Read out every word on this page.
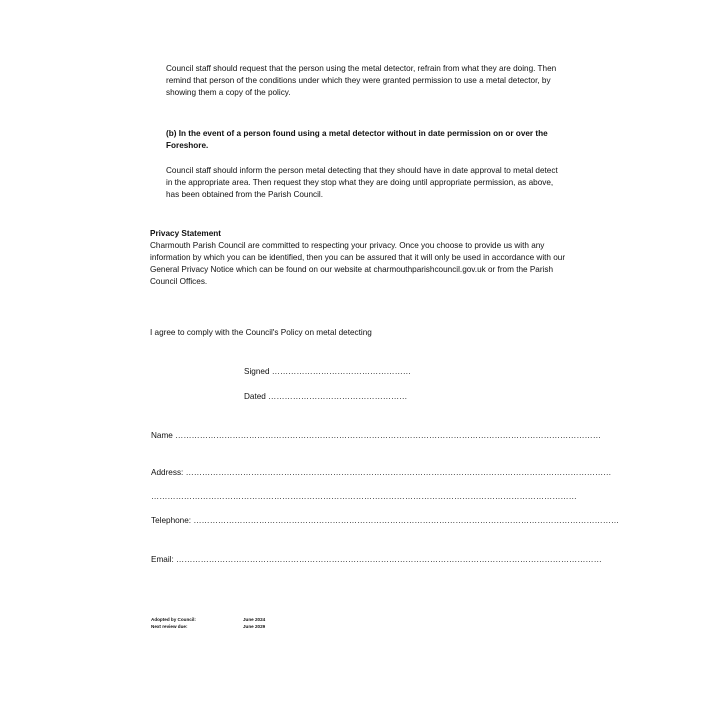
Council staff should request that the person using the metal detector, refrain from what they are doing. Then remind that person of the conditions under which they were granted permission to use a metal detector, by showing them a copy of the policy.
(b) In the event of a person found using a metal detector without in date permission on or over the Foreshore.
Council staff should inform the person metal detecting that they should have in date approval to metal detect in the appropriate area. Then request they stop what they are doing until appropriate permission, as above, has been obtained from the Parish Council.
Privacy Statement
Charmouth Parish Council are committed to respecting your privacy. Once you choose to provide us with any information by which you can be identified, then you can be assured that it will only be used in accordance with our General Privacy Notice which can be found on our website at charmouthparishcouncil.gov.uk or from the Parish Council Offices.
I agree to comply with the Council's Policy on metal detecting
Signed ……………………………………………
Dated ……………………………………………
Name …………………………………………………………………………………………………………………………………………
Address: …………………………………………………………………………………………………………………………………………
…………………………………………………………………………………………………………………………………………
Telephone: …………………………………………………………………………………………………………………………………………
Email: …………………………………………………………………………………………………………………………………………
Adopted by Council:	June 2024
Next review due:	June 2029
